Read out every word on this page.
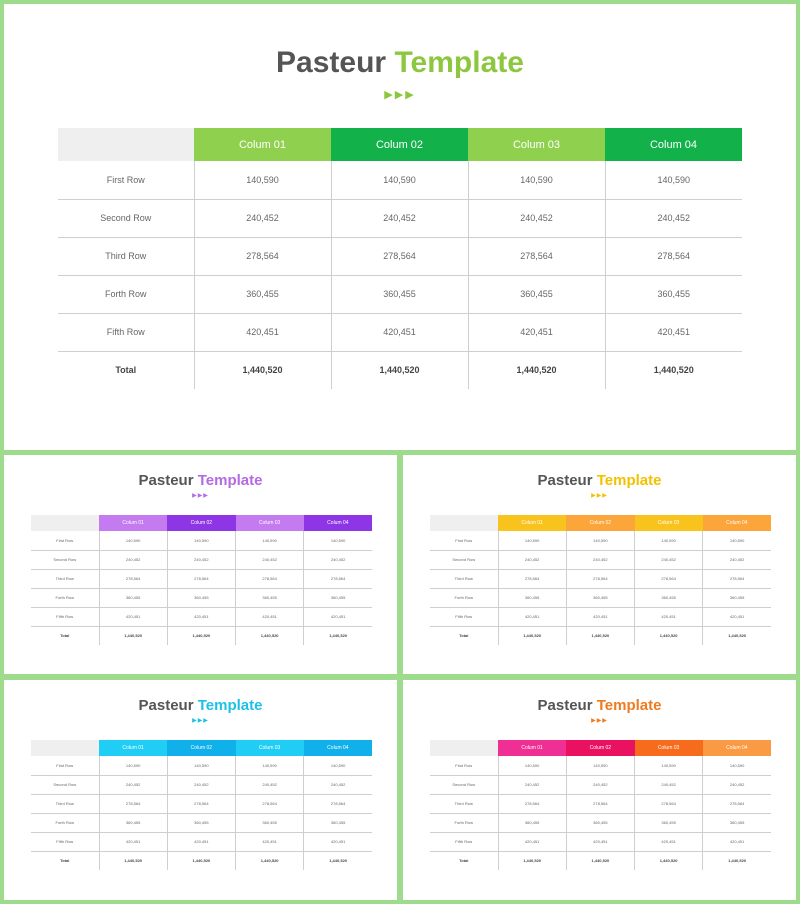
Pasteur Template
▶▶▶
	Colum 01	Colum 02	Colum 03	Colum 04
First Row	140,590	140,590	140,590	140,590
Second Row	240,452	240,452	240,452	240,452
Third Row	278,564	278,564	278,564	278,564
Forth Row	360,455	360,455	360,455	360,455
Fifth Row	420,451	420,451	420,451	420,451
Total	1,440,520	1,440,520	1,440,520	1,440,520
Pasteur Template
▶▶▶
	Colum 01	Colum 02	Colum 03	Colum 04
First Row	140,590	140,590	140,590	140,590
Second Row	240,452	240,452	240,452	240,452
Third Row	278,564	278,564	278,564	278,564
Forth Row	360,455	360,455	360,455	360,455
Fifth Row	420,451	420,451	420,451	420,451
Total	1,440,520	1,440,520	1,440,520	1,440,520
Pasteur Template
▶▶▶
	Colum 01	Colum 02	Colum 03	Colum 04
First Row	140,590	140,590	140,590	140,590
Second Row	240,452	240,452	240,452	240,452
Third Row	278,564	278,564	278,564	278,564
Forth Row	360,455	360,455	360,455	360,455
Fifth Row	420,451	420,451	420,451	420,451
Total	1,440,520	1,440,520	1,440,520	1,440,520
Pasteur Template
▶▶▶
	Colum 01	Colum 02	Colum 03	Colum 04
First Row	140,590	140,590	140,590	140,590
Second Row	240,452	240,452	240,452	240,452
Third Row	278,564	278,564	278,564	278,564
Forth Row	360,455	360,455	360,455	360,455
Fifth Row	420,451	420,451	420,451	420,451
Total	1,440,520	1,440,520	1,440,520	1,440,520
Pasteur Template
▶▶▶
	Colum 01	Colum 02	Colum 03	Colum 04
First Row	140,590	140,590	140,590	140,590
Second Row	240,452	240,452	240,452	240,452
Third Row	278,564	278,564	278,564	278,564
Forth Row	360,455	360,455	360,455	360,455
Fifth Row	420,451	420,451	420,451	420,451
Total	1,440,520	1,440,520	1,440,520	1,440,520
